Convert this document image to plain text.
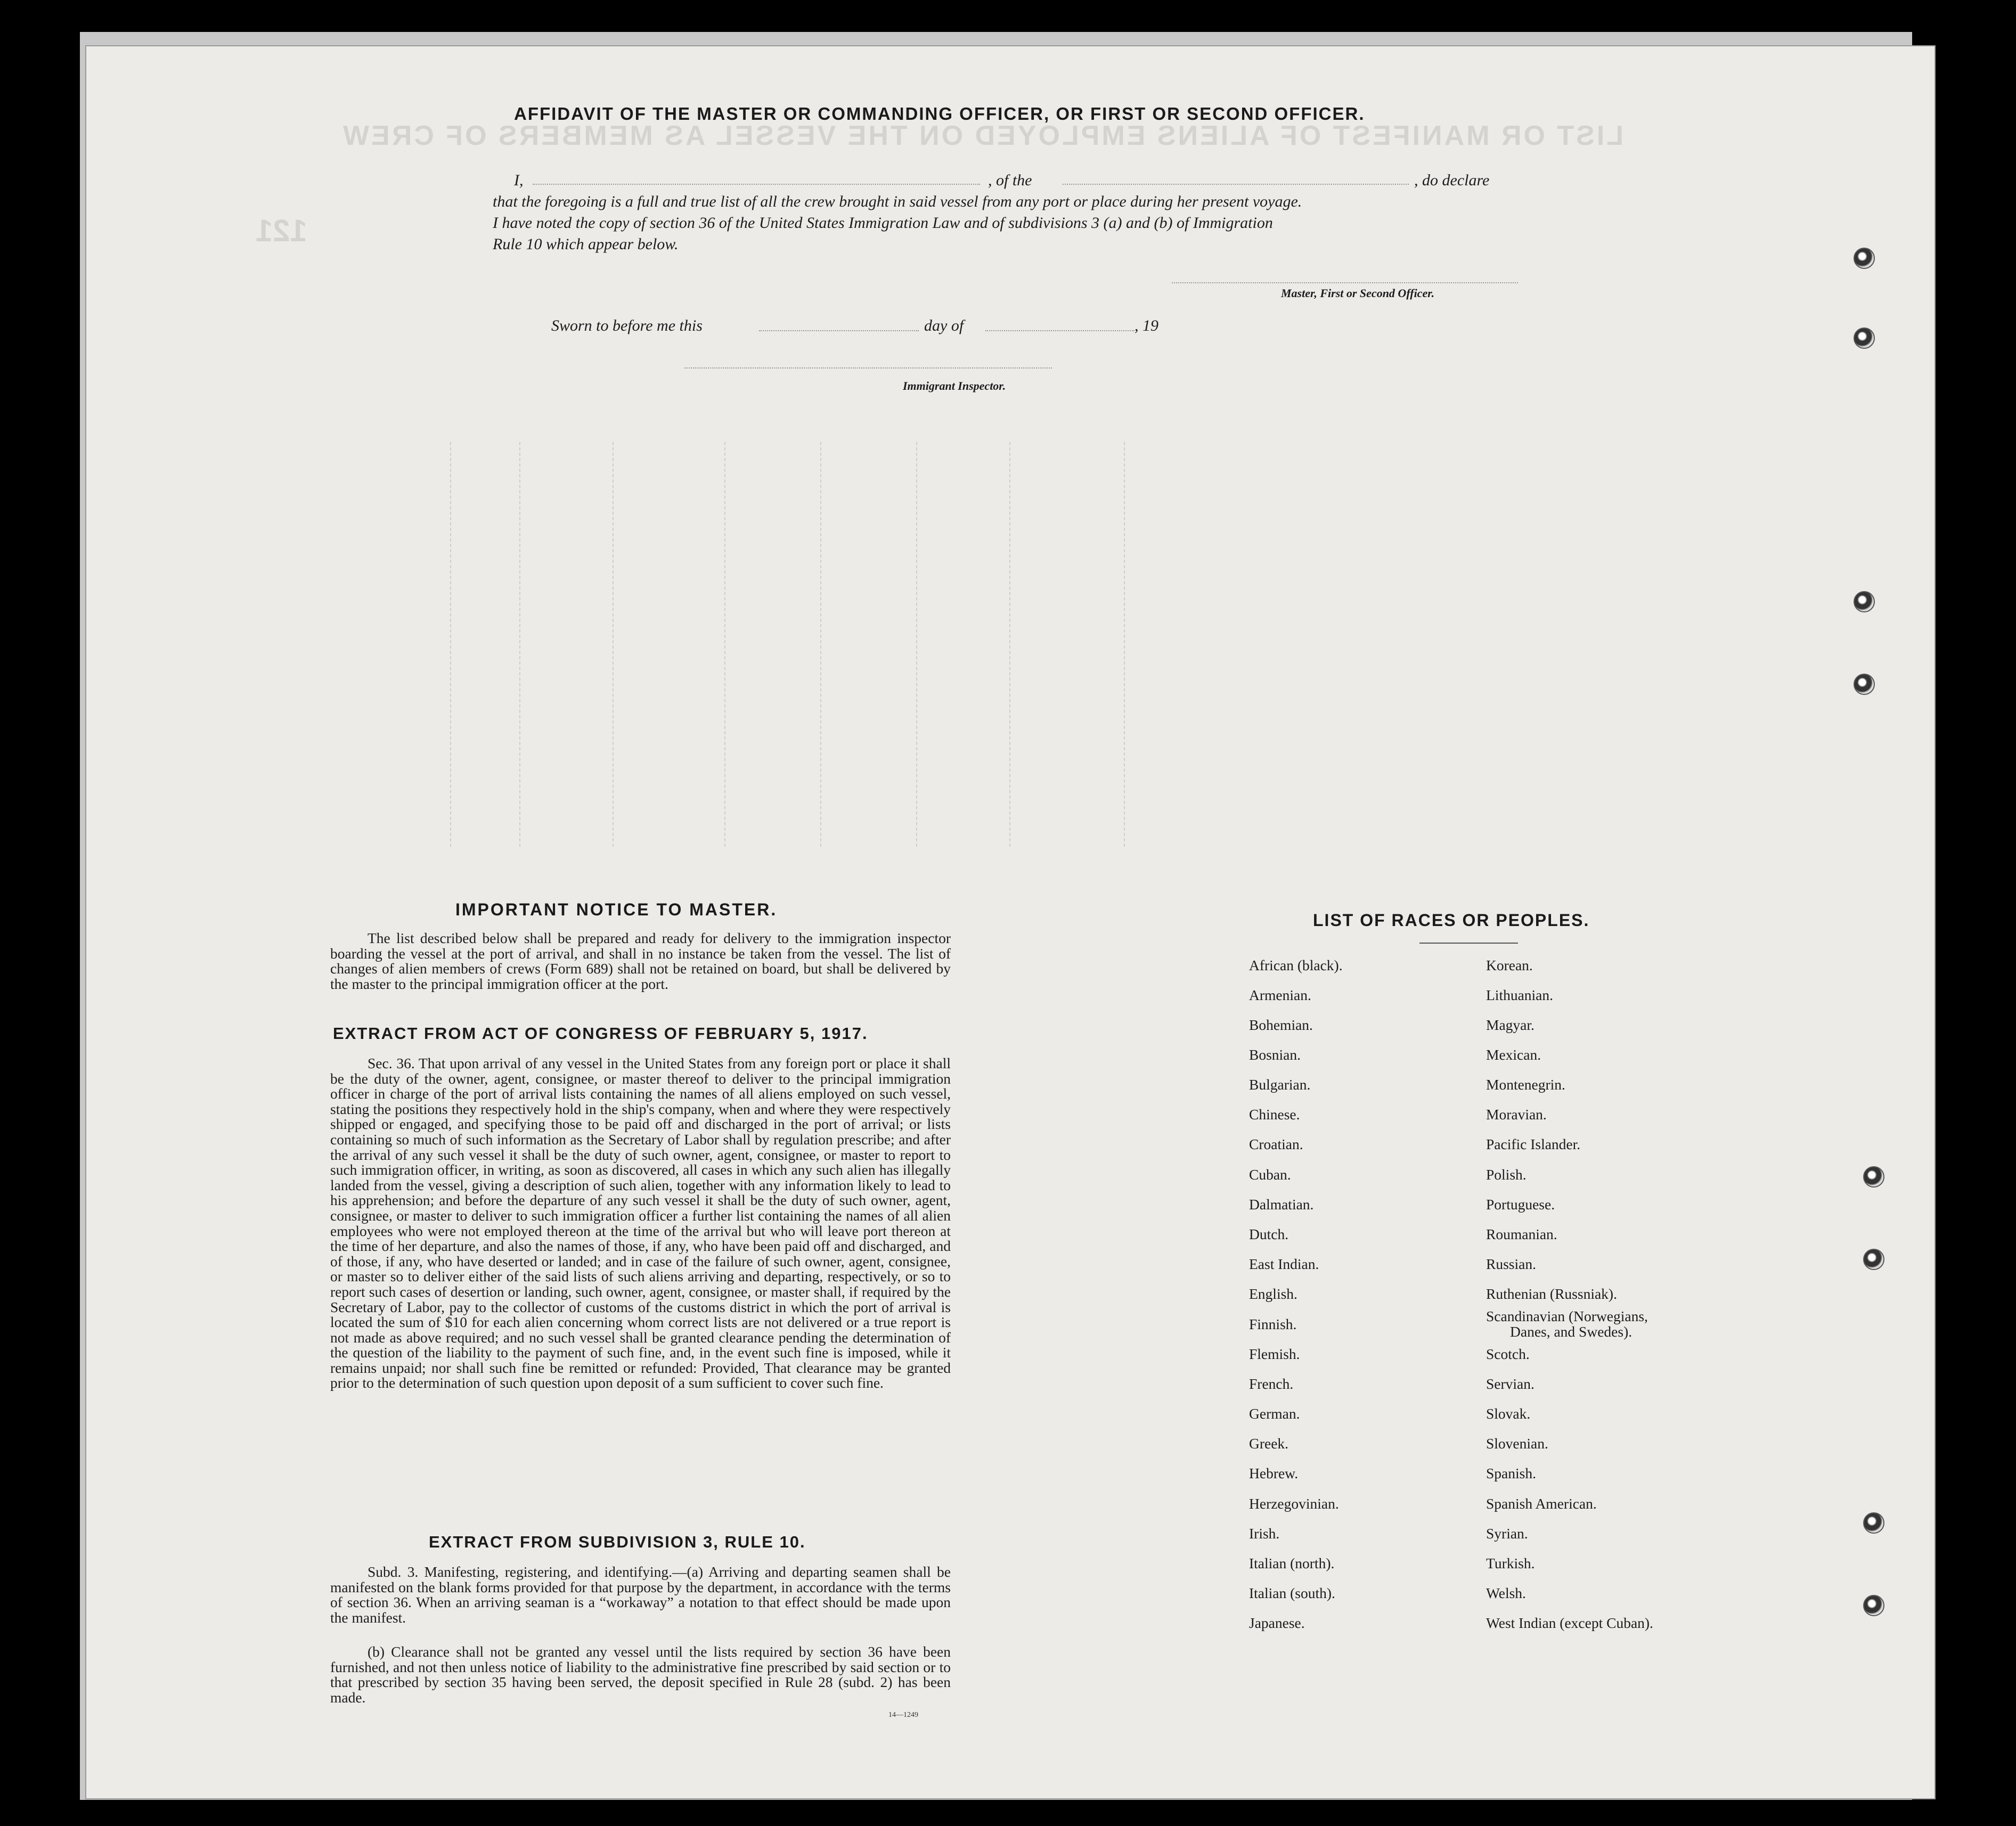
LIST OR MANIFEST OF ALIENS EMPLOYED ON THE VESSEL AS MEMBERS OF CREW
121
AFFIDAVIT OF THE MASTER OR COMMANDING OFFICER, OR FIRST OR SECOND OFFICER.
I,	, of the	, do declare
that the foregoing is a full and true list of all the crew brought in said vessel from any port or place during her present voyage.
I have noted the copy of section 36 of the United States Immigration Law and of subdivisions 3 (a) and (b) of Immigration
Rule 10 which appear below.
Master, First or Second Officer.
Sworn to before me this	day of	, 19
Immigrant Inspector.
IMPORTANT NOTICE TO MASTER.
The list described below shall be prepared and ready for delivery to the immigration inspector boarding the vessel at the port of arrival, and shall in no instance be taken from the vessel. The list of changes of alien members of crews (Form 689) shall not be retained on board, but shall be delivered by the master to the principal immigration officer at the port.
EXTRACT FROM ACT OF CONGRESS OF FEBRUARY 5, 1917.
Sec. 36. That upon arrival of any vessel in the United States from any foreign port or place it shall be the duty of the owner, agent, consignee, or master thereof to deliver to the principal immigration officer in charge of the port of arrival lists containing the names of all aliens employed on such vessel, stating the positions they respectively hold in the ship's company, when and where they were respectively shipped or engaged, and specifying those to be paid off and discharged in the port of arrival; or lists containing so much of such information as the Secretary of Labor shall by regulation prescribe; and after the arrival of any such vessel it shall be the duty of such owner, agent, consignee, or master to report to such immigration officer, in writing, as soon as discovered, all cases in which any such alien has illegally landed from the vessel, giving a description of such alien, together with any information likely to lead to his apprehension; and before the departure of any such vessel it shall be the duty of such owner, agent, consignee, or master to deliver to such immigration officer a further list containing the names of all alien employees who were not employed thereon at the time of the arrival but who will leave port thereon at the time of her departure, and also the names of those, if any, who have been paid off and discharged, and of those, if any, who have deserted or landed; and in case of the failure of such owner, agent, consignee, or master so to deliver either of the said lists of such aliens arriving and departing, respectively, or so to report such cases of desertion or landing, such owner, agent, consignee, or master shall, if required by the Secretary of Labor, pay to the collector of customs of the customs district in which the port of arrival is located the sum of $10 for each alien concerning whom correct lists are not delivered or a true report is not made as above required; and no such vessel shall be granted clearance pending the determination of the question of the liability to the payment of such fine, and, in the event such fine is imposed, while it remains unpaid; nor shall such fine be remitted or refunded: Provided, That clearance may be granted prior to the determination of such question upon deposit of a sum sufficient to cover such fine.
EXTRACT FROM SUBDIVISION 3, RULE 10.
Subd. 3. Manifesting, registering, and identifying.—(a) Arriving and departing seamen shall be manifested on the blank forms provided for that purpose by the department, in accordance with the terms of section 36. When an arriving seaman is a “workaway” a notation to that effect should be made upon the manifest.
(b) Clearance shall not be granted any vessel until the lists required by section 36 have been furnished, and not then unless notice of liability to the administrative fine prescribed by said section or to that prescribed by section 35 having been served, the deposit specified in Rule 28 (subd. 2) has been made.
14—1249
LIST OF RACES OR PEOPLES.
African (black).
Armenian.
Bohemian.
Bosnian.
Bulgarian.
Chinese.
Croatian.
Cuban.
Dalmatian.
Dutch.
East Indian.
English.
Finnish.
Flemish.
French.
German.
Greek.
Hebrew.
Herzegovinian.
Irish.
Italian (north).
Italian (south).
Japanese.
Korean.
Lithuanian.
Magyar.
Mexican.
Montenegrin.
Moravian.
Pacific Islander.
Polish.
Portuguese.
Roumanian.
Russian.
Ruthenian (Russniak).
Scandinavian (Norwegians,
Danes, and Swedes).
Scotch.
Servian.
Slovak.
Slovenian.
Spanish.
Spanish American.
Syrian.
Turkish.
Welsh.
West Indian (except Cuban).
